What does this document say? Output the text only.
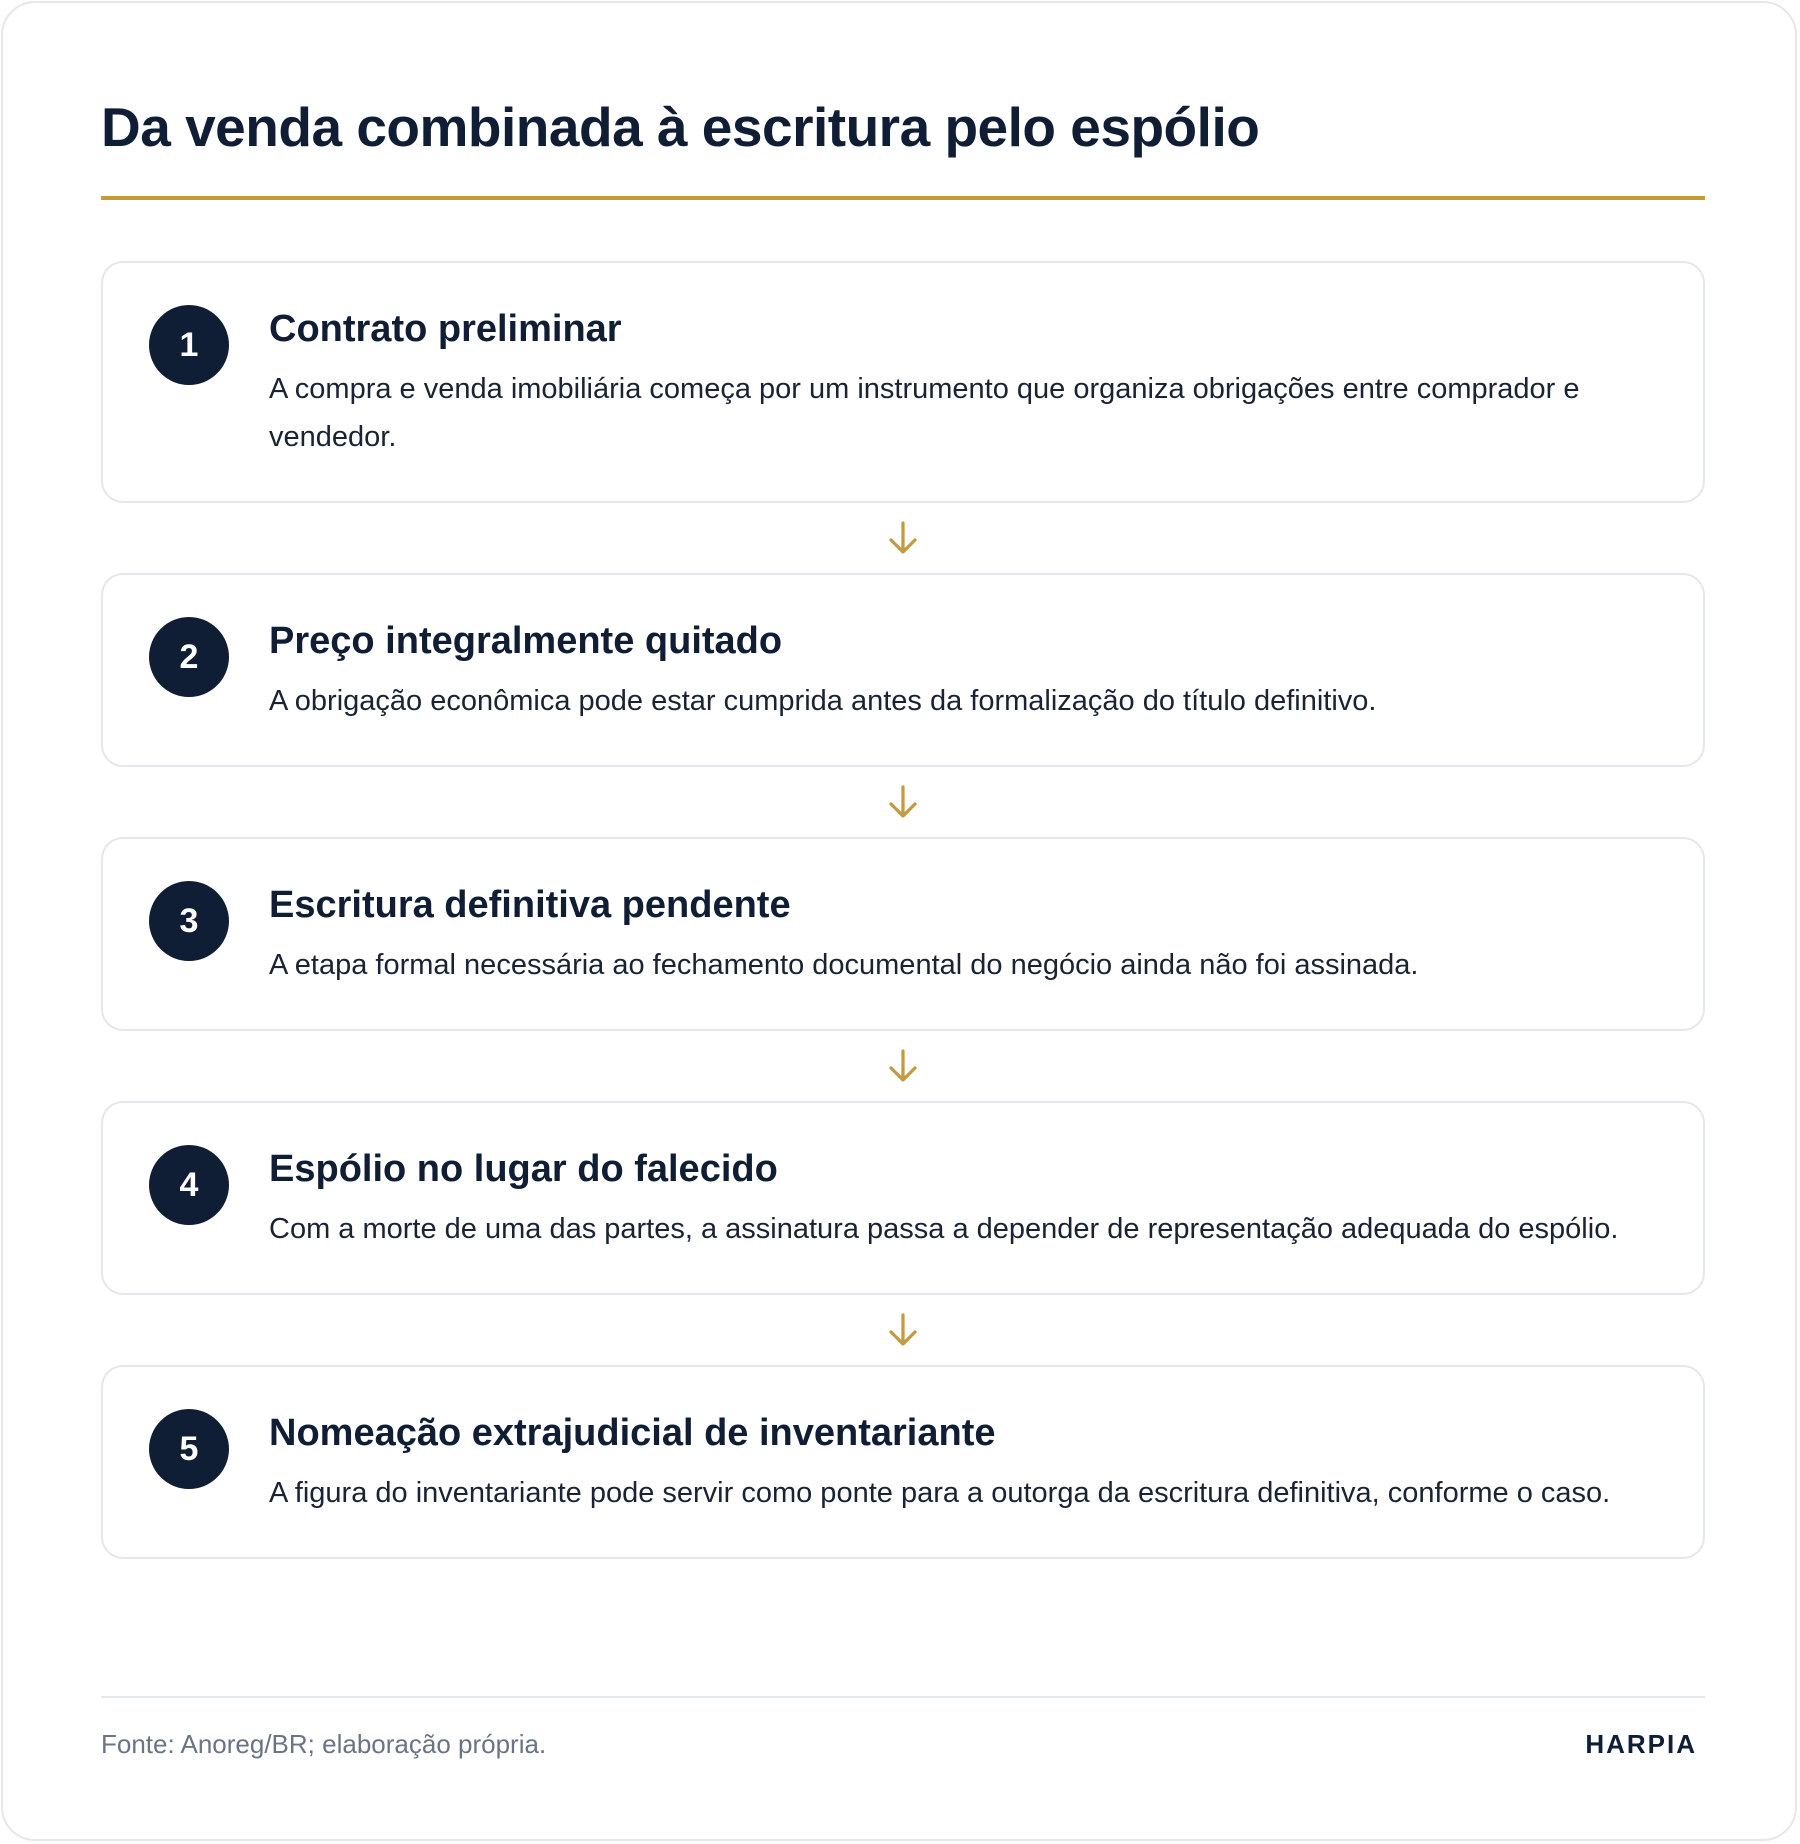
Da venda combinada à escritura pelo espólio
1	Contrato preliminar

A compra e venda imobiliária começa por um instrumento que organiza obrigações entre comprador e vendedor.

2	Preço integralmente quitado

A obrigação econômica pode estar cumprida antes da formalização do título definitivo.

3	Escritura definitiva pendente

A etapa formal necessária ao fechamento documental do negócio ainda não foi assinada.

4	Espólio no lugar do falecido

Com a morte de uma das partes, a assinatura passa a depender de representação adequada do espólio.

5	Nomeação extrajudicial de inventariante

A figura do inventariante pode servir como ponte para a outorga da escritura definitiva, conforme o caso.

Fonte: Anoreg/BR; elaboração própria.	HARPIA
